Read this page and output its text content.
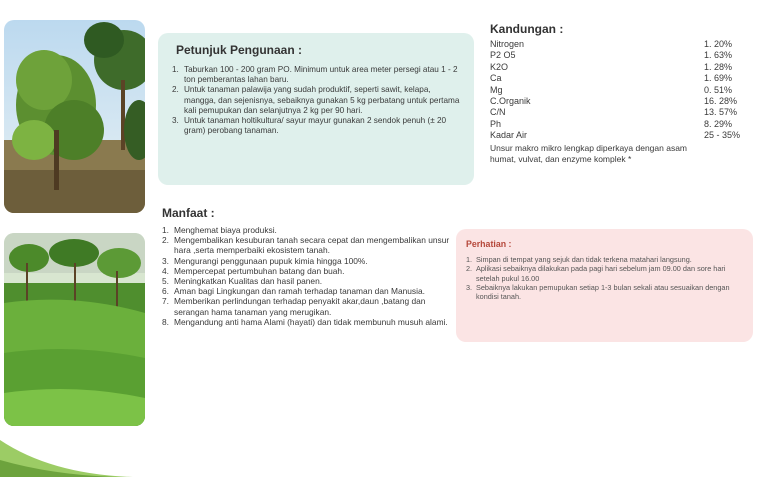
Petunjuk Pengunaan :
1. Taburkan 100 - 200 gram PO. Minimum untuk area meter persegi atau 1 - 2 ton pemberantas lahan baru.
2. Untuk tanaman palawija yang sudah produktif, seperti sawit, kelapa, mangga, dan sejenisnya, sebaiknya gunakan 5 kg perbatang untuk pertama kali pemupukan dan selanjutnya 2 kg per 90 hari.
3. Untuk tanaman holtikultura/ sayur mayur gunakan 2 sendok penuh (± 20 gram) perobang tanaman.
Kandungan :
Nitrogen	1. 20%
P2 O5	1. 63%
K2O	1. 28%
Ca	1. 69%
Mg	0. 51%
C.Organik	16. 28%
C/N	13. 57%
Ph	8. 29%
Kadar Air	25 - 35%

Unsur makro mikro lengkap diperkaya dengan asam humat, vulvat, dan enzyme komplek *

Manfaat :
1. Menghemat biaya produksi.
2. Mengembalikan kesuburan tanah secara cepat dan mengembalikan unsur hara ,serta memperbaiki ekosistem tanah.
3. Mengurangi penggunaan pupuk kimia hingga 100%.
4. Mempercepat pertumbuhan batang dan buah.
5. Meningkatkan Kualitas dan hasil panen.
6. Aman bagi Lingkungan dan ramah terhadap tanaman dan Manusia.
7. Memberikan perlindungan terhadap penyakit akar,daun ,batang dan serangan hama tanaman yang merugikan.
8. Mengandung anti hama Alami (hayati) dan tidak membunuh musuh alami.
Perhatian :
1. Simpan di tempat yang sejuk dan tidak terkena matahari langsung.
2. Aplikasi sebaiknya dilakukan pada pagi hari sebelum jam 09.00 dan sore hari setelah pukul 16.00
3. Sebaiknya lakukan pemupukan setiap 1-3 bulan sekali atau sesuaikan dengan kondisi tanah.
